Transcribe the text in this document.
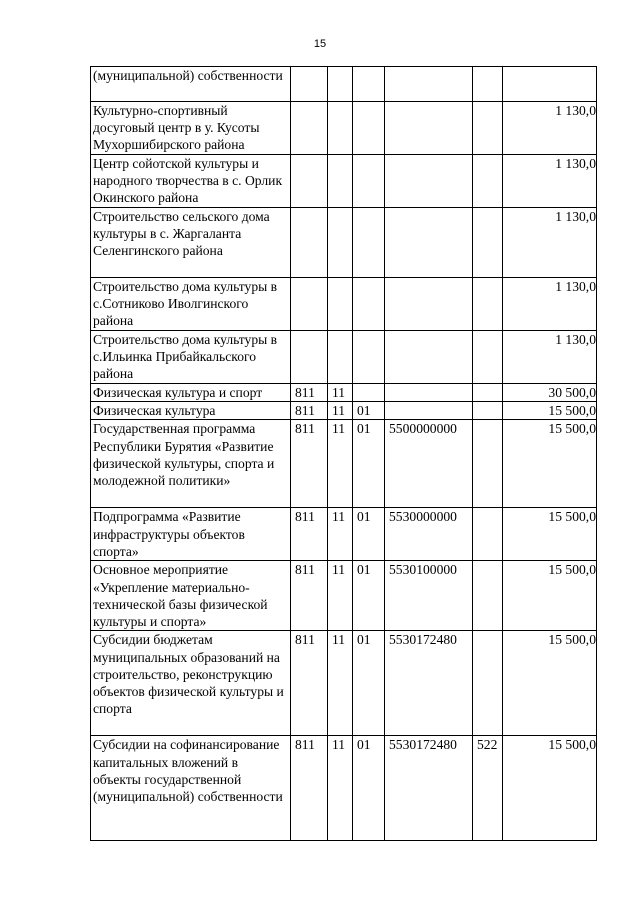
15
(муниципальной) собственности						
Культурно-спортивный досуговый центр в у. Кусоты Мухоршибирского района						1 130,0
Центр сойотской культуры и народного творчества в с. Орлик Окинского района						1 130,0
Строительство сельского дома культуры в с. Жаргаланта Селенгинского района						1 130,0
Строительство дома культуры в с.Сотниково Иволгинского района						1 130,0
Строительство дома культуры в с.Ильинка Прибайкальского района						1 130,0
Физическая культура и спорт	811	11				30 500,0
Физическая культура	811	11	01			15 500,0
Государственная программа Республики Бурятия «Развитие физической культуры, спорта и молодежной политики»	811	11	01	5500000000		15 500,0
Подпрограмма «Развитие инфраструктуры объектов спорта»	811	11	01	5530000000		15 500,0
Основное мероприятие «Укрепление материально-технической базы физической культуры и спорта»	811	11	01	5530100000		15 500,0
Субсидии бюджетам муниципальных образований на строительство, реконструкцию объектов физической культуры и спорта	811	11	01	5530172480		15 500,0
Субсидии на софинансирование капитальных вложений в объекты государственной (муниципальной) собственности	811	11	01	5530172480	522	15 500,0
